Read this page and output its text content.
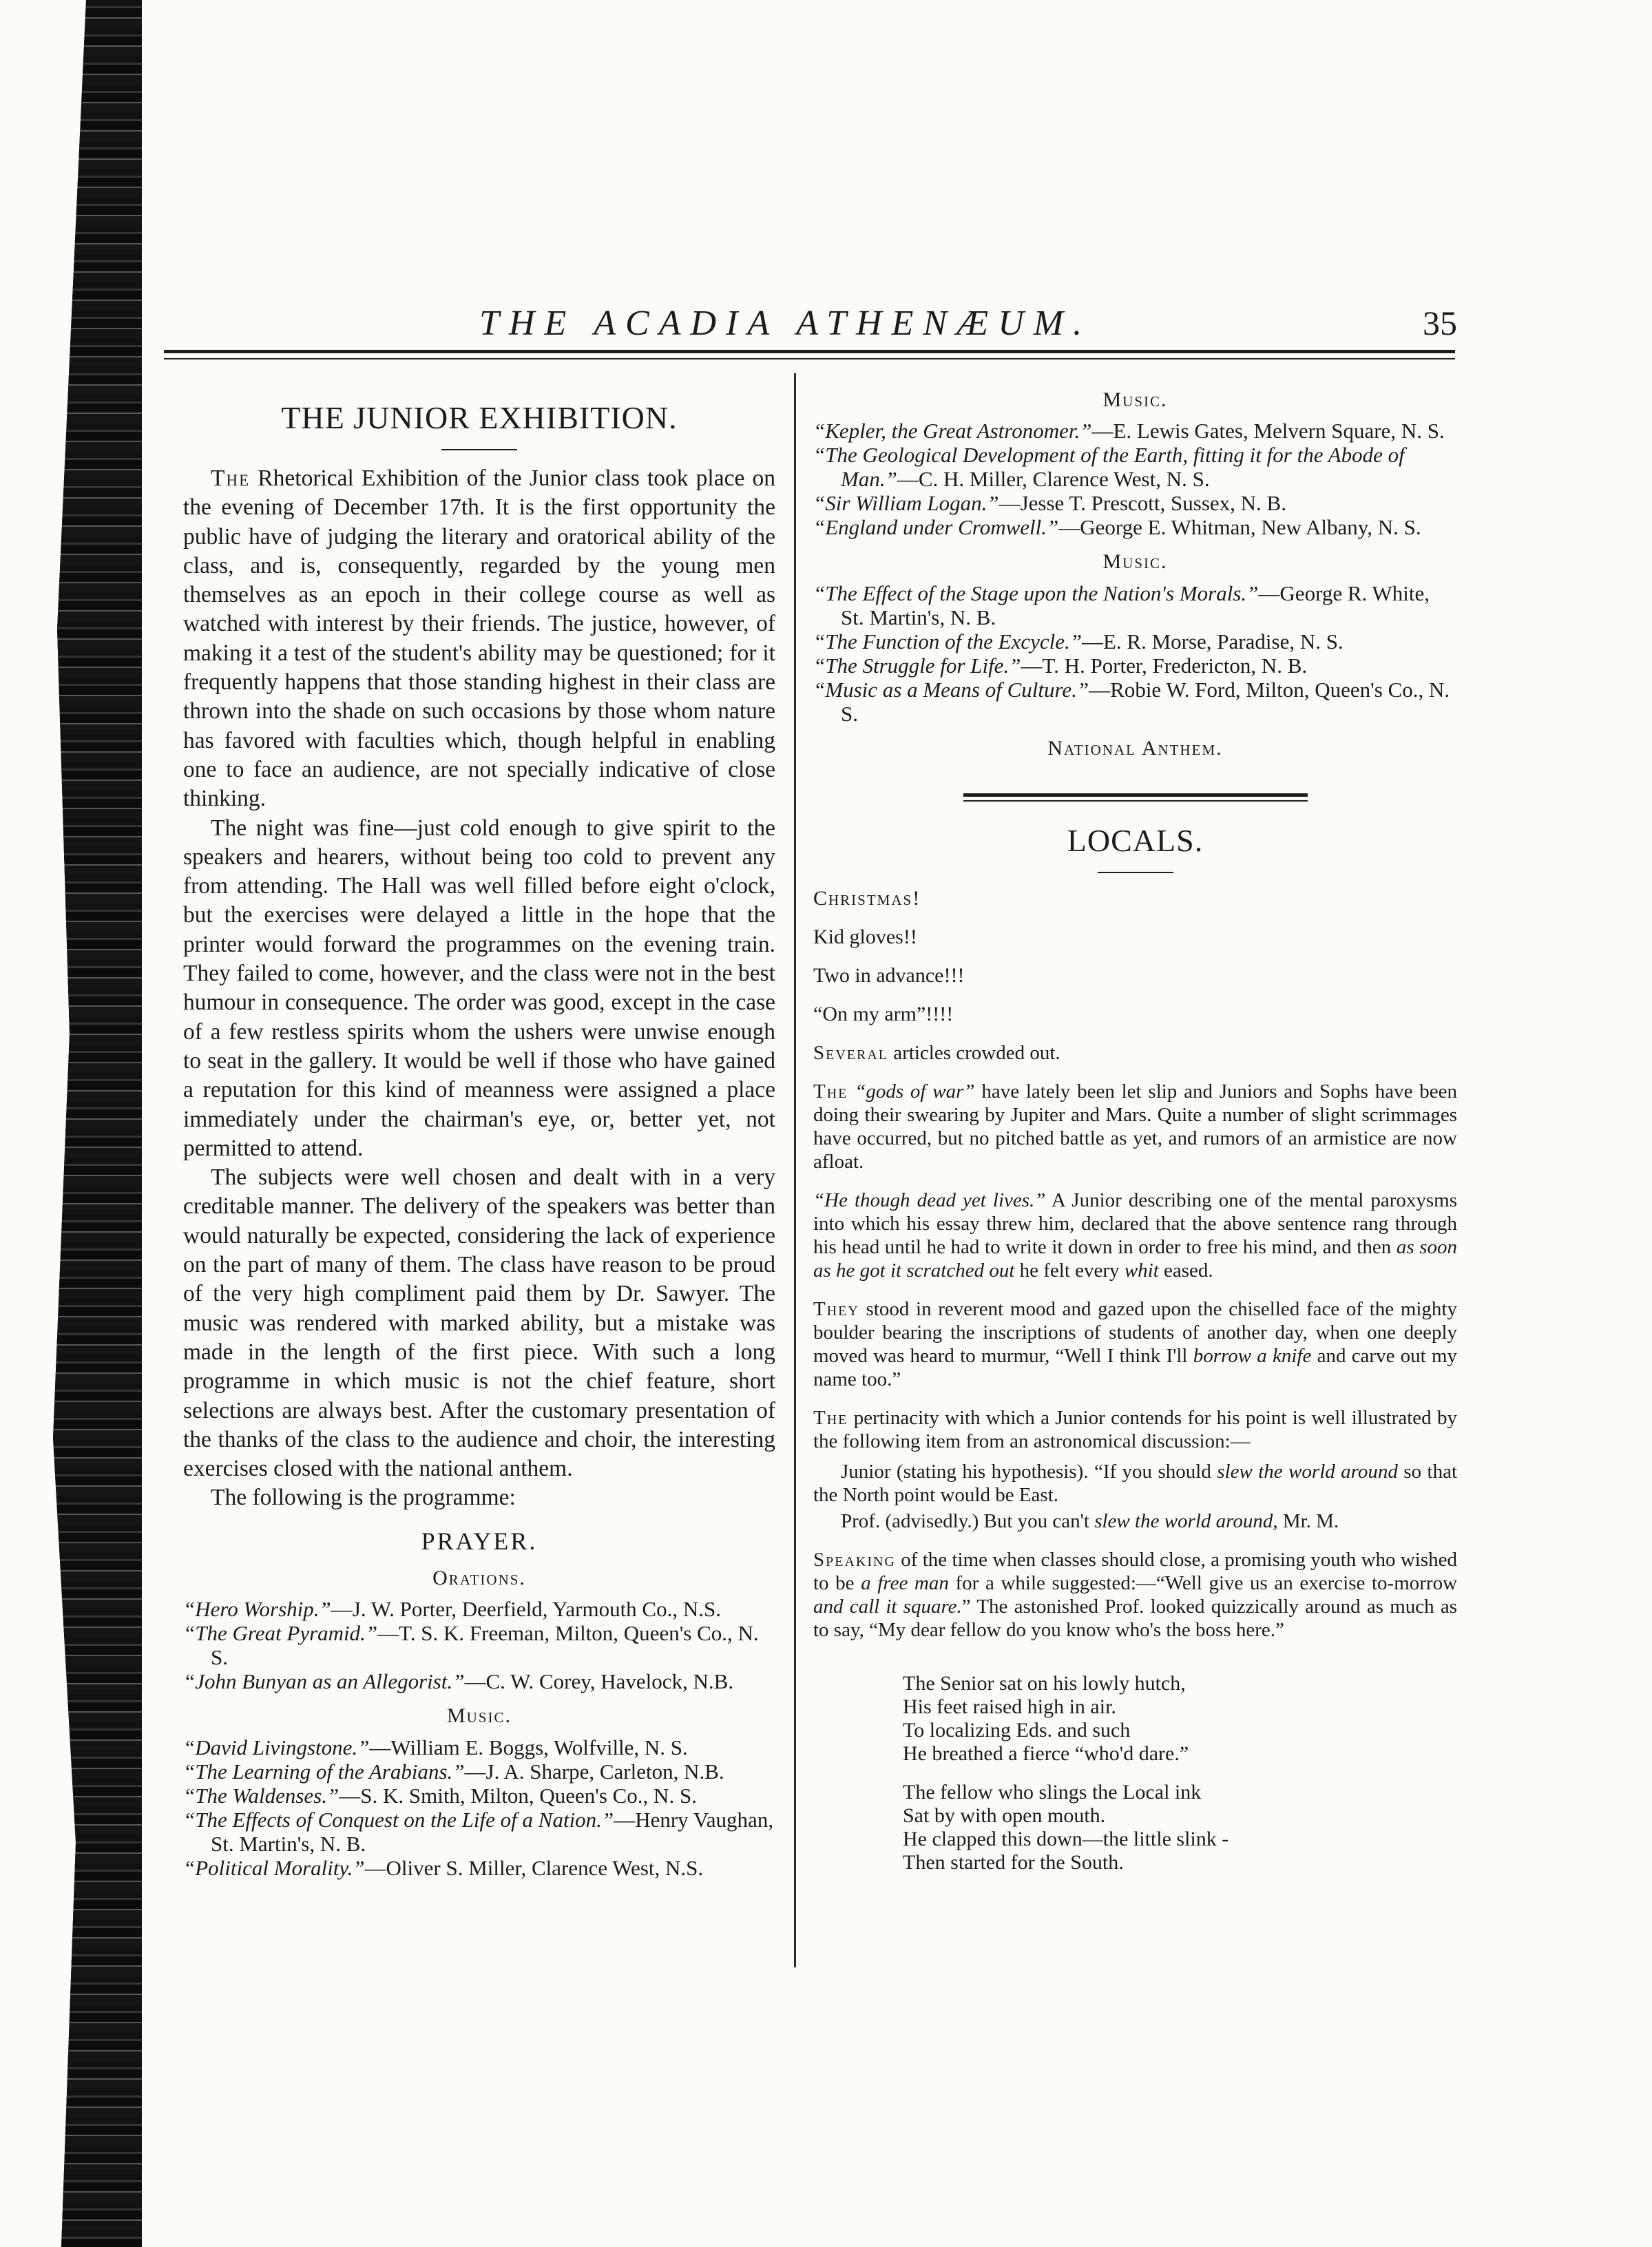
THE ACADIA ATHENÆUM.	35
THE JUNIOR EXHIBITION.

The Rhetorical Exhibition of the Junior class took place on the evening of December 17th. It is the first opportunity the public have of judging the literary and oratorical ability of the class, and is, consequently, regarded by the young men themselves as an epoch in their college course as well as watched with interest by their friends. The justice, however, of making it a test of the student's ability may be questioned; for it frequently happens that those standing highest in their class are thrown into the shade on such occasions by those whom nature has favored with faculties which, though helpful in enabling one to face an audience, are not specially indicative of close thinking.

The night was fine—just cold enough to give spirit to the speakers and hearers, without being too cold to prevent any from attending. The Hall was well filled before eight o'clock, but the exercises were delayed a little in the hope that the printer would forward the programmes on the evening train. They failed to come, however, and the class were not in the best humour in consequence. The order was good, except in the case of a few restless spirits whom the ushers were unwise enough to seat in the gallery. It would be well if those who have gained a reputation for this kind of meanness were assigned a place immediately under the chairman's eye, or, better yet, not permitted to attend.

The subjects were well chosen and dealt with in a very creditable manner. The delivery of the speakers was better than would naturally be expected, considering the lack of experience on the part of many of them. The class have reason to be proud of the very high compliment paid them by Dr. Sawyer. The music was rendered with marked ability, but a mistake was made in the length of the first piece. With such a long programme in which music is not the chief feature, short selections are always best. After the customary presentation of the thanks of the class to the audience and choir, the interesting exercises closed with the national anthem.

The following is the programme:

PRAYER.
Orations.
“Hero Worship.”—J. W. Porter, Deerfield, Yarmouth Co., N.S.
“The Great Pyramid.”—T. S. K. Freeman, Milton, Queen's Co., N. S.
“John Bunyan as an Allegorist.”—C. W. Corey, Havelock, N.B.
Music.
“David Livingstone.”—William E. Boggs, Wolfville, N. S.
“The Learning of the Arabians.”—J. A. Sharpe, Carleton, N.B.
“The Waldenses.”—S. K. Smith, Milton, Queen's Co., N. S.
“The Effects of Conquest on the Life of a Nation.”—Henry Vaughan, St. Martin's, N. B.
“Political Morality.”—Oliver S. Miller, Clarence West, N.S.
Music.
“Kepler, the Great Astronomer.”—E. Lewis Gates, Melvern Square, N. S.
“The Geological Development of the Earth, fitting it for the Abode of Man.”—C. H. Miller, Clarence West, N. S.
“Sir William Logan.”—Jesse T. Prescott, Sussex, N. B.
“England under Cromwell.”—George E. Whitman, New Albany, N. S.
Music.
“The Effect of the Stage upon the Nation's Morals.”—George R. White, St. Martin's, N. B.
“The Function of the Excycle.”—E. R. Morse, Paradise, N. S.
“The Struggle for Life.”—T. H. Porter, Fredericton, N. B.
“Music as a Means of Culture.”—Robie W. Ford, Milton, Queen's Co., N. S.
National Anthem.
LOCALS.
Christmas!
Kid gloves!!
Two in advance!!!
“On my arm”!!!!
Several articles crowded out.
The “gods of war” have lately been let slip and Juniors and Sophs have been doing their swearing by Jupiter and Mars. Quite a number of slight scrimmages have occurred, but no pitched battle as yet, and rumors of an armistice are now afloat.
“He though dead yet lives.” A Junior describing one of the mental paroxysms into which his essay threw him, declared that the above sentence rang through his head until he had to write it down in order to free his mind, and then as soon as he got it scratched out he felt every whit eased.
They stood in reverent mood and gazed upon the chiselled face of the mighty boulder bearing the inscriptions of students of another day, when one deeply moved was heard to murmur, “Well I think I'll borrow a knife and carve out my name too.”
The pertinacity with which a Junior contends for his point is well illustrated by the following item from an astronomical discussion:—
Junior (stating his hypothesis). “If you should slew the world around so that the North point would be East.
Prof. (advisedly.) But you can't slew the world around, Mr. M.
Speaking of the time when classes should close, a promising youth who wished to be a free man for a while suggested:—“Well give us an exercise to-morrow and call it square.” The astonished Prof. looked quizzically around as much as to say, “My dear fellow do you know who's the boss here.”
The Senior sat on his lowly hutch,
His feet raised high in air.
To localizing Eds. and such
He breathed a fierce “who'd dare.”
The fellow who slings the Local ink
Sat by with open mouth.
He clapped this down—the little slink -
Then started for the South.
